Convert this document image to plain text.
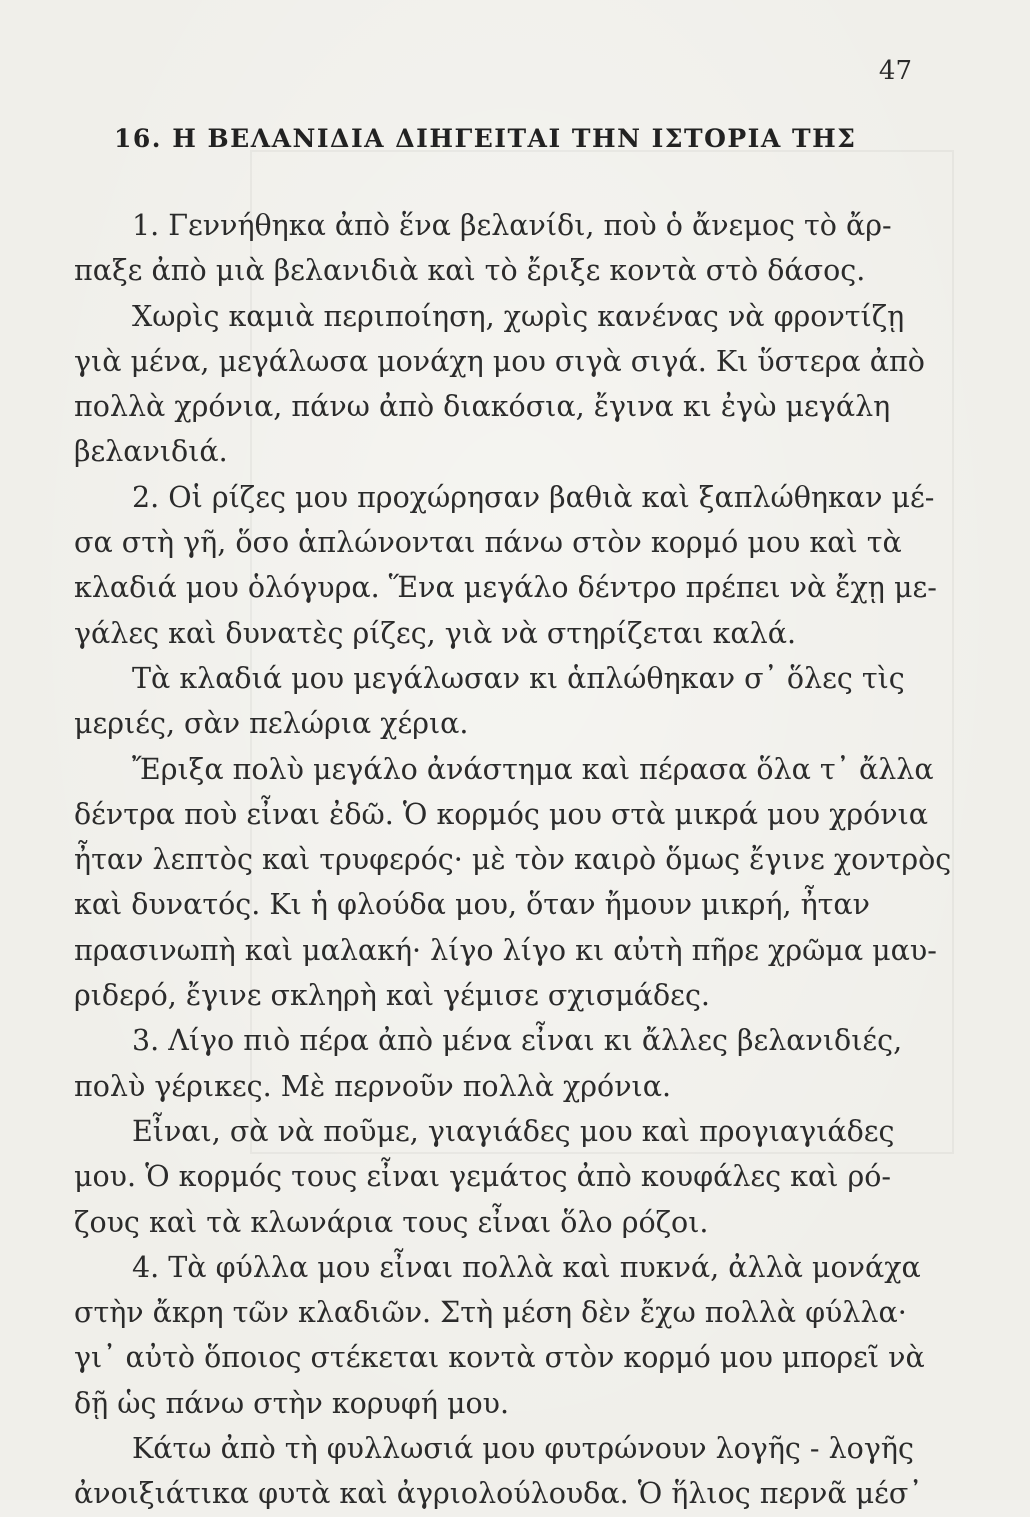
47
16. Η ΒΕΛΑΝΙΔΙΑ ΔΙΗΓΕΙΤΑΙ ΤΗΝ ΙΣΤΟΡΙΑ ΤΗΣ
1. Γεννήθηκα ἀπὸ ἕνα βελανίδι, ποὺ ὁ ἄνεμος τὸ ἄρ-
παξε ἀπὸ μιὰ βελανιδιὰ καὶ τὸ ἔριξε κοντὰ στὸ δάσος.
Χωρὶς καμιὰ περιποίηση, χωρὶς κανένας νὰ φροντίζῃ
γιὰ μένα, μεγάλωσα μονάχη μου σιγὰ σιγά. Κι ὕστερα ἀπὸ
πολλὰ χρόνια, πάνω ἀπὸ διακόσια, ἔγινα κι ἐγὼ μεγάλη
βελανιδιά.
2. Οἱ ρίζες μου προχώρησαν βαθιὰ καὶ ξαπλώθηκαν μέ-
σα στὴ γῆ, ὅσο ἁπλώνονται πάνω στὸν κορμό μου καὶ τὰ
κλαδιά μου ὁλόγυρα. Ἕνα μεγάλο δέντρο πρέπει νὰ ἔχῃ με-
γάλες καὶ δυνατὲς ρίζες, γιὰ νὰ στηρίζεται καλά.
Τὰ κλαδιά μου μεγάλωσαν κι ἁπλώθηκαν σ᾽ ὅλες τὶς
μεριές, σὰν πελώρια χέρια.
Ἔριξα πολὺ μεγάλο ἀνάστημα καὶ πέρασα ὅλα τ᾽ ἄλλα
δέντρα ποὺ εἶναι ἐδῶ. Ὁ κορμός μου στὰ μικρά μου χρόνια
ἦταν λεπτὸς καὶ τρυφερός· μὲ τὸν καιρὸ ὅμως ἔγινε χοντρὸς
καὶ δυνατός. Κι ἡ φλούδα μου, ὅταν ἤμουν μικρή, ἦταν
πρασινωπὴ καὶ μαλακή· λίγο λίγο κι αὐτὴ πῆρε χρῶμα μαυ-
ριδερό, ἔγινε σκληρὴ καὶ γέμισε σχισμάδες.
3. Λίγο πιὸ πέρα ἀπὸ μένα εἶναι κι ἄλλες βελανιδιές,
πολὺ γέρικες. Μὲ περνοῦν πολλὰ χρόνια.
Εἶναι, σὰ νὰ ποῦμε, γιαγιάδες μου καὶ προγιαγιάδες
μου. Ὁ κορμός τους εἶναι γεμάτος ἀπὸ κουφάλες καὶ ρό-
ζους καὶ τὰ κλωνάρια τους εἶναι ὅλο ρόζοι.
4. Τὰ φύλλα μου εἶναι πολλὰ καὶ πυκνά, ἀλλὰ μονάχα
στὴν ἄκρη τῶν κλαδιῶν. Στὴ μέση δὲν ἔχω πολλὰ φύλλα·
γι᾽ αὐτὸ ὅποιος στέκεται κοντὰ στὸν κορμό μου μπορεῖ νὰ
δῇ ὡς πάνω στὴν κορυφή μου.
Κάτω ἀπὸ τὴ φυλλωσιά μου φυτρώνουν λογῆς - λογῆς
ἀνοιξιάτικα φυτὰ καὶ ἀγριολούλουδα. Ὁ ἥλιος περνᾶ μέσ᾽
